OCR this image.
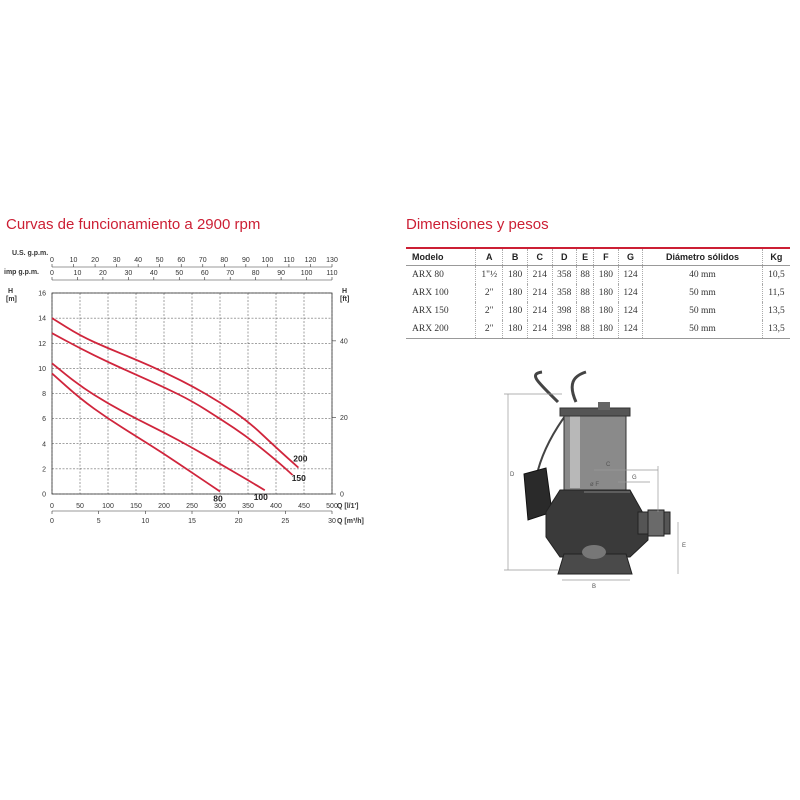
Curvas de funcionamiento a 2900 rpm	Dimensiones y pesos
0
2
4
6
8
10
12
14
16
H
[m]
0
20
40
H
[ft]
0 10 20 30 40 50 60 70 80 90 100 110 120 130
U.S. g.p.m.
0	10	20	30	40	50	60	70	80	90 100 110
imp g.p.m.
0	50	100 150 200 250 300 350 400 450 500 Q [l/1']
0	5	10	15	20	25	30 Q [m³/h]
80	100
150
200
Modelo	A	B	C	D	E	F	G	Diámetro sólidos	Kg
ARX 80	1"½	180	214	358	88	180	124	40 mm	10,5
ARX 100	2"	180	214	358	88	180	124	50 mm	11,5
ARX 150	2"	180	214	398	88	180	124	50 mm	13,5
ARX 200	2"	180	214	398	88	180	124	50 mm	13,5
C
G
ø F
D
E
B
